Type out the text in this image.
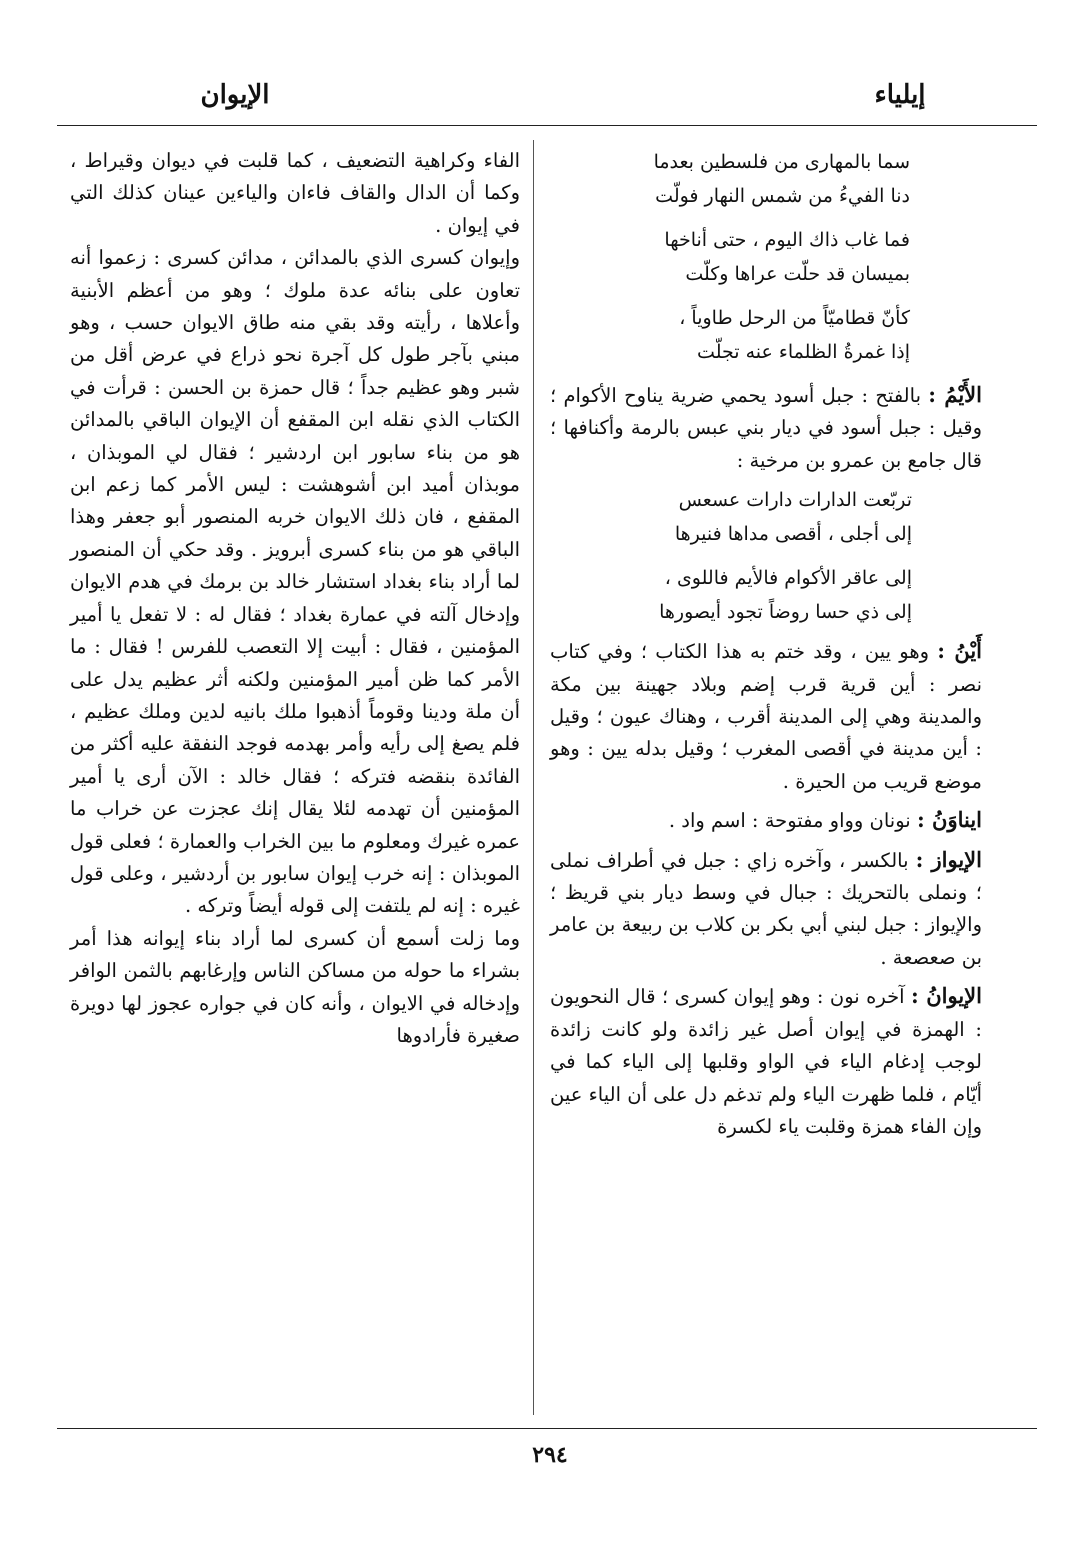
إيلياء
الإيوان
سما بالمهارى من فلسطين بعدما
دنا الفيءُ من شمس النهار فولّت
فما غاب ذاك اليوم ، حتى أناخها
بميسان قد حلّت عراها وكلّت
كأنّ قطاميّاً من الرحل طاوياً ،
إذا غمرةُ الظلماء عنه تجلّت

الأَيْمُ : بالفتح : جبل أسود يحمي ضرية يناوح الأكوام ؛ وقيل : جبل أسود في ديار بني عبس بالرمة وأكنافها ؛ قال جامع بن عمرو بن مرخية :

تربّعت الدارات دارات عسعس
إلى أجلى ، أقصى مداها فنيرها
إلى عاقر الأكوام فالأيم فاللوى ،
إلى ذي حسا روضاً تجود أيصورها

أَيْنُ : وهو يين ، وقد ختم به هذا الكتاب ؛ وفي كتاب نصر : أين قرية قرب إضم وبلاد جهينة بين مكة والمدينة وهي إلى المدينة أقرب ، وهناك عيون ؛ وقيل : أين مدينة في أقصى المغرب ؛ وقيل بدله يين : وهو موضع قريب من الحيرة .

ايناوَنُ : نونان وواو مفتوحة : اسم واد .

الإيواز : بالكسر ، وآخره زاي : جبل في أطراف نملى ؛ ونملى بالتحريك : جبال في وسط ديار بني قريظ ؛ والإيواز : جبل لبني أبي بكر بن كلاب بن ربيعة بن عامر بن صعصعة .

الإيوانُ : آخره نون : وهو إيوان كسرى ؛ قال النحويون : الهمزة في إيوان أصل غير زائدة ولو كانت زائدة لوجب إدغام الياء في الواو وقلبها إلى الياء كما في أيّام ، فلما ظهرت الياء ولم تدغم دل على أن الياء عين وإن الفاء همزة وقلبت ياء لكسرة

الفاء وكراهية التضعيف ، كما قلبت في ديوان وقيراط ، وكما أن الدال والقاف فاءان والياءين عينان كذلك التي في إيوان .

وإيوان كسرى الذي بالمدائن ، مدائن كسرى : زعموا أنه تعاون على بنائه عدة ملوك ؛ وهو من أعظم الأبنية وأعلاها ، رأيته وقد بقي منه طاق الايوان حسب ، وهو مبني بآجر طول كل آجرة نحو ذراع في عرض أقل من شبر وهو عظيم جداً ؛ قال حمزة بن الحسن : قرأت في الكتاب الذي نقله ابن المقفع أن الإيوان الباقي بالمدائن هو من بناء سابور ابن اردشير ؛ فقال لي الموبذان ، موبذان أميد ابن أشوهشت : ليس الأمر كما زعم ابن المقفع ، فان ذلك الايوان خربه المنصور أبو جعفر وهذا الباقي هو من بناء كسرى أبرويز . وقد حكي أن المنصور لما أراد بناء بغداد استشار خالد بن برمك في هدم الايوان وإدخال آلته في عمارة بغداد ؛ فقال له : لا تفعل يا أمير المؤمنين ، فقال : أبيت إلا التعصب للفرس ! فقال : ما الأمر كما ظن أمير المؤمنين ولكنه أثر عظيم يدل على أن ملة ودينا وقوماً أذهبوا ملك بانيه لدين وملك عظيم ، فلم يصغ إلى رأيه وأمر بهدمه فوجد النفقة عليه أكثر من الفائدة بنقضه فتركه ؛ فقال خالد : الآن أرى يا أمير المؤمنين أن تهدمه لئلا يقال إنك عجزت عن خراب ما عمره غيرك ومعلوم ما بين الخراب والعمارة ؛ فعلى قول الموبذان : إنه خرب إيوان سابور بن أردشير ، وعلى قول غيره : إنه لم يلتفت إلى قوله أيضاً وتركه .

وما زلت أسمع أن كسرى لما أراد بناء إيوانه هذا أمر بشراء ما حوله من مساكن الناس وإرغابهم بالثمن الوافر وإدخاله في الايوان ، وأنه كان في جواره عجوز لها دويرة صغيرة فأرادوها

٢٩٤
